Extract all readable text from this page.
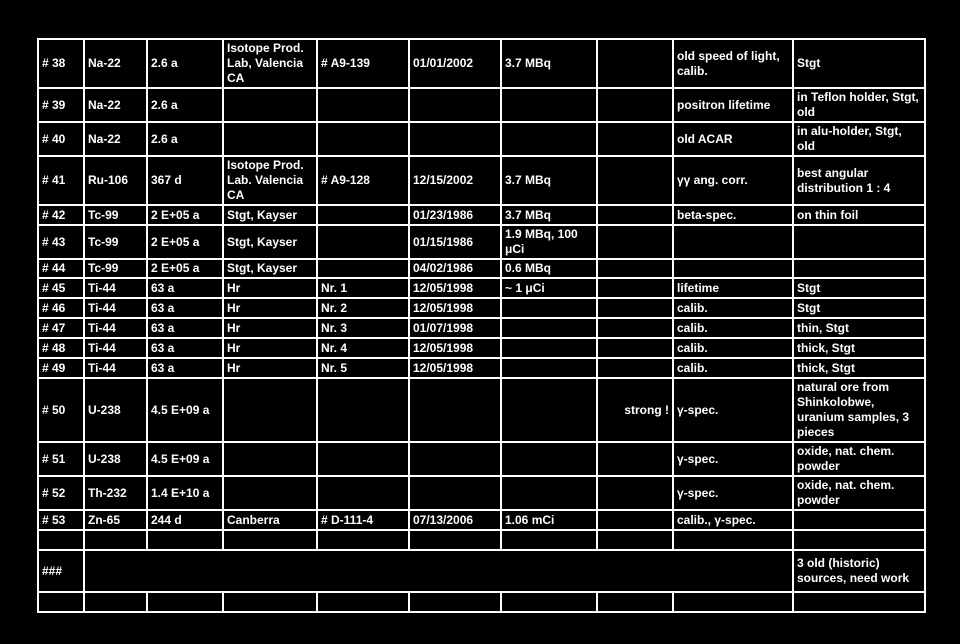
# 38	Na-22	2.6 a	Isotope Prod. Lab, Valencia CA	# A9-139	01/01/2002	3.7 MBq		old speed of light, calib.	Stgt
# 39	Na-22	2.6 a						positron lifetime	in Teflon holder, Stgt, old
# 40	Na-22	2.6 a						old ACAR	in alu-holder, Stgt, old
# 41	Ru-106	367 d	Isotope Prod. Lab. Valencia CA	# A9-128	12/15/2002	3.7 MBq		γγ ang. corr.	best angular distribution 1 : 4
# 42	Tc-99	2 E+05 a	Stgt, Kayser		01/23/1986	3.7 MBq		beta-spec.	on thin foil
# 43	Tc-99	2 E+05 a	Stgt, Kayser		01/15/1986	1.9 MBq, 100 μCi			
# 44	Tc-99	2 E+05 a	Stgt, Kayser		04/02/1986	0.6 MBq			
# 45	Ti-44	63 a	Hr	Nr. 1	12/05/1998	~ 1 μCi		lifetime	Stgt
# 46	Ti-44	63 a	Hr	Nr. 2	12/05/1998			calib.	Stgt
# 47	Ti-44	63 a	Hr	Nr. 3	01/07/1998			calib.	thin, Stgt
# 48	Ti-44	63 a	Hr	Nr. 4	12/05/1998			calib.	thick, Stgt
# 49	Ti-44	63 a	Hr	Nr. 5	12/05/1998			calib.	thick, Stgt
# 50	U-238	4.5 E+09 a					strong !	γ-spec.	natural ore from Shinkolobwe, uranium samples, 3 pieces
# 51	U-238	4.5 E+09 a						γ-spec.	oxide, nat. chem. powder
# 52	Th-232	1.4 E+10 a						γ-spec.	oxide, nat. chem. powder
# 53	Zn-65	244 d	Canberra	# D-111-4	07/13/2006	1.06 mCi		calib., γ-spec.	

###									3 old (historic) sources, need work
